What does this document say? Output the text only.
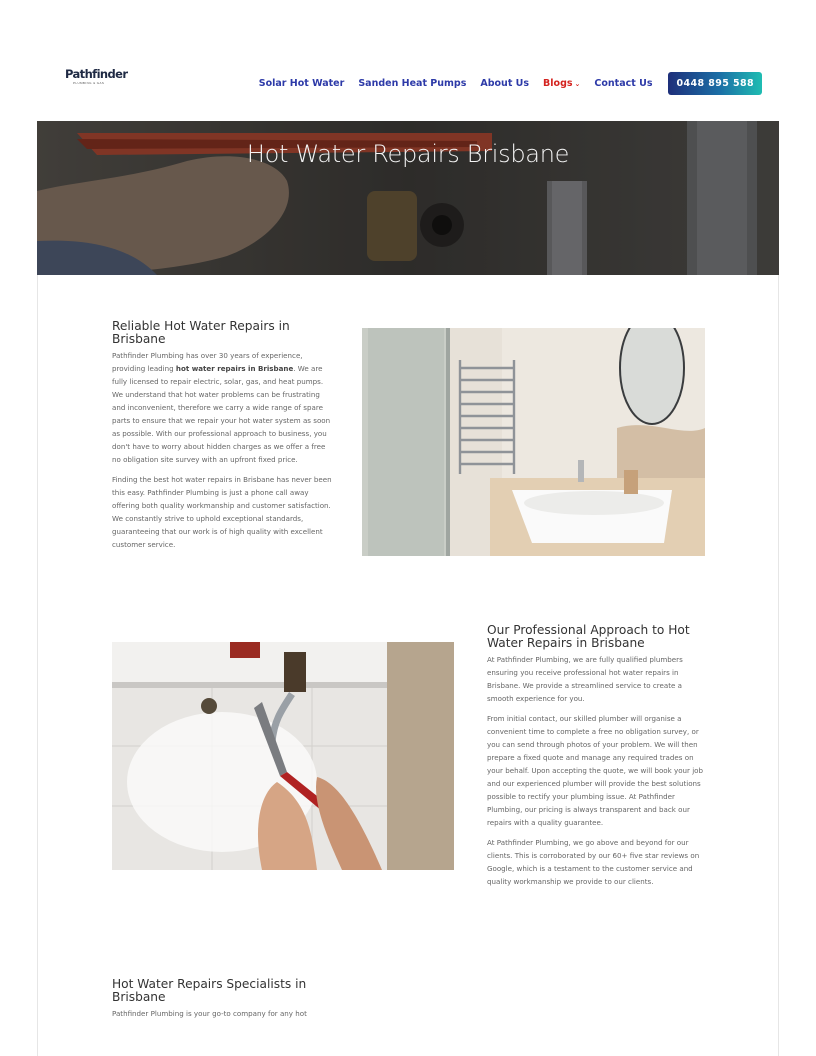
Pathfinder
PLUMBING & GAS	Solar Hot Water Sanden Heat Pumps About Us Blogs ⌄ Contact Us	0448 895 588
Hot Water Repairs Brisbane
Reliable Hot Water Repairs in Brisbane

Pathfinder Plumbing has over 30 years of experience, providing leading hot water repairs in Brisbane. We are fully licensed to repair electric, solar, gas, and heat pumps. We understand that hot water problems can be frustrating and inconvenient, therefore we carry a wide range of spare parts to ensure that we repair your hot water system as soon as possible. With our professional approach to business, you don't have to worry about hidden charges as we offer a free no obligation site survey with an upfront fixed price.

Finding the best hot water repairs in Brisbane has never been this easy. Pathfinder Plumbing is just a phone call away offering both quality workmanship and customer satisfaction. We constantly strive to uphold exceptional standards, guaranteeing that our work is of high quality with excellent customer service.

Our Professional Approach to Hot Water Repairs in Brisbane

At Pathfinder Plumbing, we are fully qualified plumbers ensuring you receive professional hot water repairs in Brisbane. We provide a streamlined service to create a smooth experience for you.

From initial contact, our skilled plumber will organise a convenient time to complete a free no obligation survey, or you can send through photos of your problem. We will then prepare a fixed quote and manage any required trades on your behalf. Upon accepting the quote, we will book your job and our experienced plumber will provide the best solutions possible to rectify your plumbing issue. At Pathfinder Plumbing, our pricing is always transparent and back our repairs with a quality guarantee.

At Pathfinder Plumbing, we go above and beyond for our clients. This is corroborated by our 60+ five star reviews on Google, which is a testament to the customer service and quality workmanship we provide to our clients.

Hot Water Repairs Specialists in Brisbane

Pathfinder Plumbing is your go-to company for any hot
